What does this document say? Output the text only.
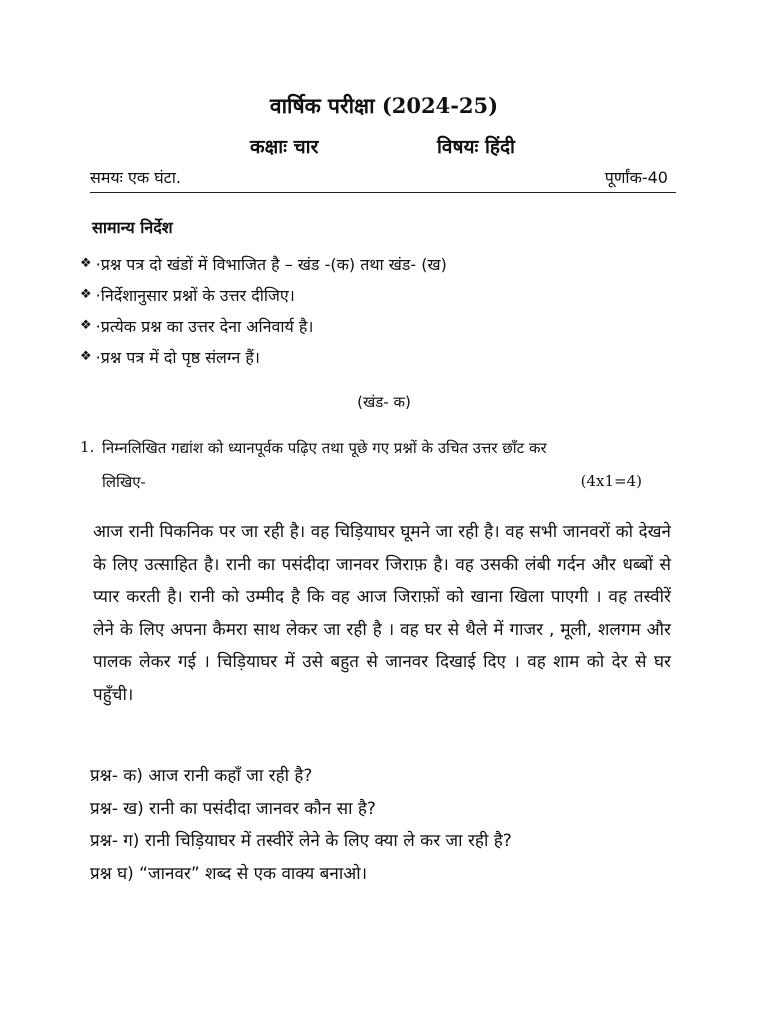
वार्षिक परीक्षा (2024-25)
कक्षाः चार	विषयः हिंदी
समयः एक घंटा.	पूर्णांक-40
सामान्य निर्देश
❖ ·प्रश्न पत्र दो खंडों में विभाजित है – खंड -(क) तथा खंड- (ख)
❖ ·निर्देशानुसार प्रश्नों के उत्तर दीजिए।
❖ ·प्रत्येक प्रश्न का उत्तर देना अनिवार्य है।
❖ ·प्रश्न पत्र में दो पृष्ठ संलग्न हैं।
(खंड- क)
1. निम्नलिखित गद्यांश को ध्यानपूर्वक पढ़िए तथा पूछे गए प्रश्नों के उचित उत्तर छाँट कर
लिखिए-	(4x1=4)
आज रानी पिकनिक पर जा रही है। वह चिड़ियाघर घूमने जा रही है। वह सभी जानवरों को देखने के लिए उत्साहित है। रानी का पसंदीदा जानवर जिराफ़ है। वह उसकी लंबी गर्दन और धब्बों से प्यार करती है। रानी को उम्मीद है कि वह आज जिराफ़ों को खाना खिला पाएगी । वह तस्वीरें लेने के लिए अपना कैमरा साथ लेकर जा रही है । वह घर से थैले में गाजर , मूली, शलगम और पालक लेकर गई । चिड़ियाघर में उसे बहुत से जानवर दिखाई दिए । वह शाम को देर से घर पहुँची।
प्रश्न- क) आज रानी कहाँ जा रही है?
प्रश्न- ख) रानी का पसंदीदा जानवर कौन सा है?
प्रश्न- ग) रानी चिड़ियाघर में तस्वीरें लेने के लिए क्या ले कर जा रही है?
प्रश्न घ) “जानवर” शब्द से एक वाक्य बनाओ।
